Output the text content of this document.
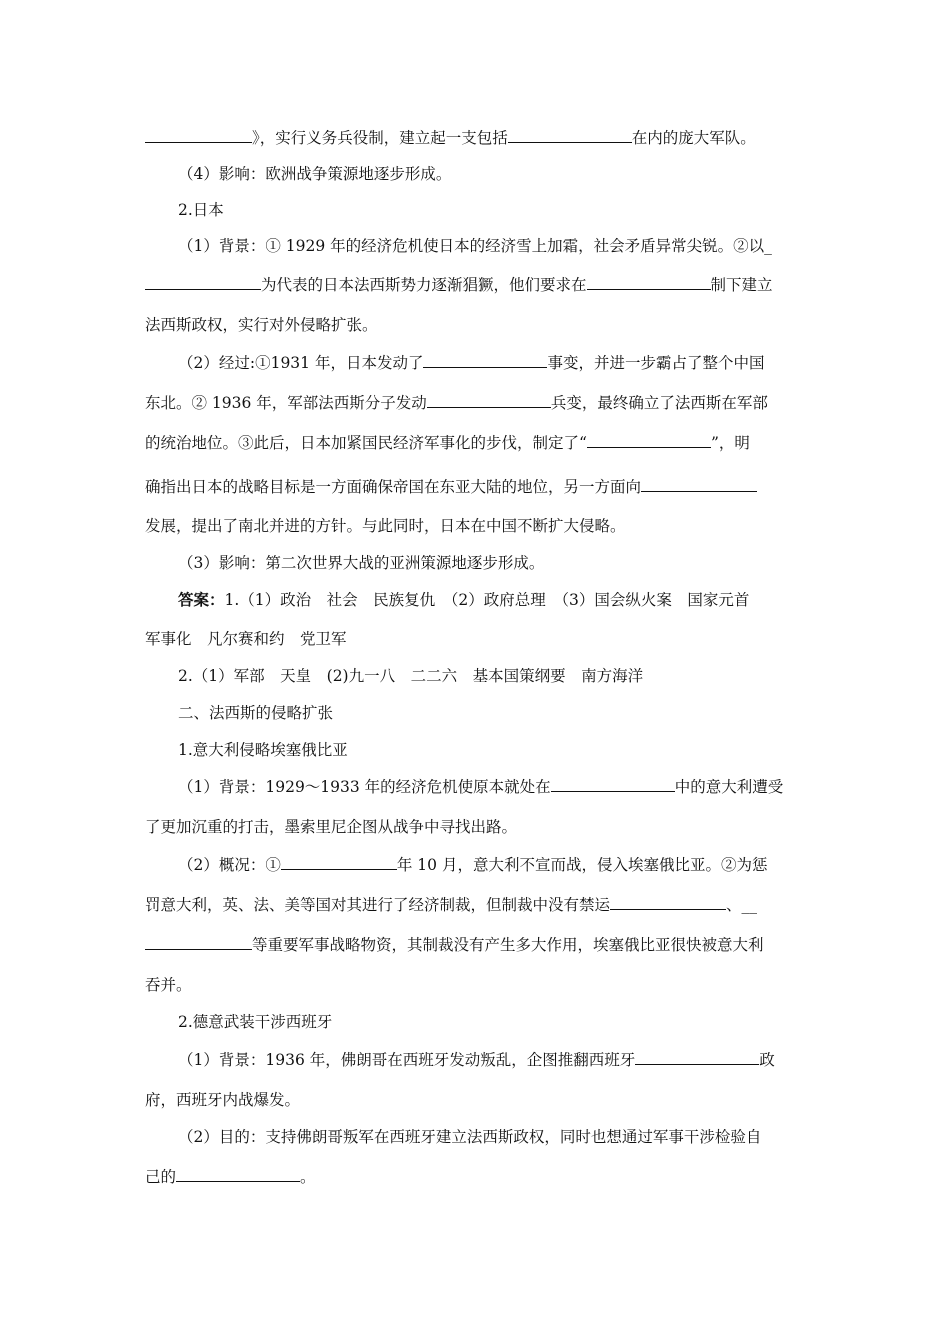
》，实行义务兵役制，建立起一支包括	在内的庞大军队。
（4）影响：欧洲战争策源地逐步形成。
2.日本
（1）背景：① 1929 年的经济危机使日本的经济雪上加霜，社会矛盾异常尖锐。②以_
为代表的日本法西斯势力逐渐猖獗，他们要求在	制下建立
法西斯政权，实行对外侵略扩张。
（2）经过:①1931 年，日本发动了	事变，并进一步霸占了整个中国
东北。② 1936 年，军部法西斯分子发动	兵变，最终确立了法西斯在军部
的统治地位。③此后，日本加紧国民经济军事化的步伐，制定了“	”，明
确指出日本的战略目标是一方面确保帝国在东亚大陆的地位，另一方面向
发展，提出了南北并进的方针。与此同时，日本在中国不断扩大侵略。
（3）影响：第二次世界大战的亚洲策源地逐步形成。
答案：1.（1）政治　社会　民族复仇　（2）政府总理　（3）国会纵火案　国家元首
军事化　凡尔赛和约　党卫军
2.（1）军部　天皇　(2)九一八　二二六　基本国策纲要　南方海洋
二、法西斯的侵略扩张
1.意大利侵略埃塞俄比亚
（1）背景：1929～1933 年的经济危机使原本就处在	中的意大利遭受
了更加沉重的打击，墨索里尼企图从战争中寻找出路。
（2）概况：①	年 10 月，意大利不宣而战，侵入埃塞俄比亚。②为惩
罚意大利，英、法、美等国对其进行了经济制裁，但制裁中没有禁运	、__
等重要军事战略物资，其制裁没有产生多大作用，埃塞俄比亚很快被意大利
吞并。
2.德意武装干涉西班牙
（1）背景：1936 年，佛朗哥在西班牙发动叛乱，企图推翻西班牙	政
府，西班牙内战爆发。
（2）目的：支持佛朗哥叛军在西班牙建立法西斯政权，同时也想通过军事干涉检验自
己的	。
